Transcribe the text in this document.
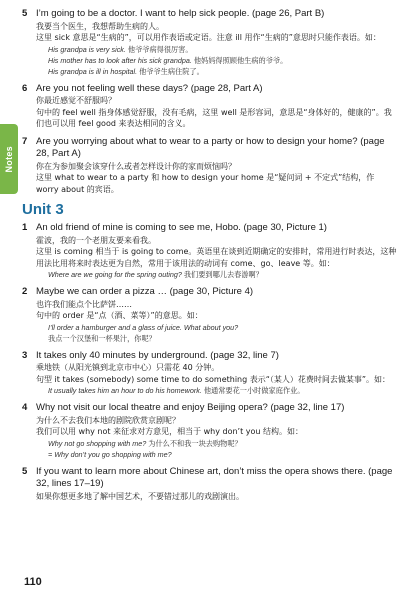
Notes
5 I’m going to be a doctor. I want to help sick people. (page 26, Part B)
我要当个医生，我想帮助生病的人。
这里 sick 意思是“生病的”，可以用作表语或定语。注意 ill 用作“生病的”意思时只能作表语。如：
His grandpa is very sick. 他爷爷病得很厉害。
His mother has to look after his sick grandpa. 他妈妈得照顾他生病的爷爷。
His grandpa is ill in hospital. 他爷爷生病住院了。
6 Are you not feeling well these days? (page 28, Part A)
你最近感觉不舒服吗？
句中的 feel well 指身体感觉舒服，没有毛病，这里 well 是形容词，意思是“身体好的，健康的”。我们也可以用 feel good 来表达相同的含义。
7 Are you worrying about what to wear to a party or how to design your home? (page 28, Part A)
你在为参加聚会该穿什么或者怎样设计你的家而烦恼吗？
这里 what to wear to a party 和 how to design your home 是“疑问词 + 不定式”结构，作 worry about 的宾语。
Unit 3
1 An old friend of mine is coming to see me, Hobo. (page 30, Picture 1)
霍波，我的一个老朋友要来看我。
这里 is coming 相当于 is going to come。英语里在谈到近期确定的安排时，常用进行时表达，这种用法比用将来时表达更为自然，常用于该用法的动词有 come、go、leave 等。如：
Where are we going for the spring outing? 我们要到哪儿去春游啊？
2 Maybe we can order a pizza … (page 30, Picture 4)
也许我们能点个比萨饼……
句中的 order 是“点（酒、菜等）”的意思。如：
I’ll order a hamburger and a glass of juice. What about you?
我点一个汉堡和一杯果汁，你呢？
3 It takes only 40 minutes by underground. (page 32, line 7)
乘地铁（从阳光镇到北京市中心）只需花 40 分钟。
句型 it takes (somebody) some time to do something 表示“（某人）花费时间去做某事”。如：
It usually takes him an hour to do his homework. 他通常要花一小时做家庭作业。
4 Why not visit our local theatre and enjoy Beijing opera? (page 32, line 17)
为什么不去我们本地的剧院欣赏京剧呢？
我们可以用 why not 来征求对方意见，相当于 why don’t you 结构。如：
Why not go shopping with me? 为什么不和我一块去购物呢？
= Why don’t you go shopping with me?
5 If you want to learn more about Chinese art, don’t miss the opera shows there. (page 32, lines 17–19)
如果你想更多地了解中国艺术，不要错过那儿的戏剧演出。
110
